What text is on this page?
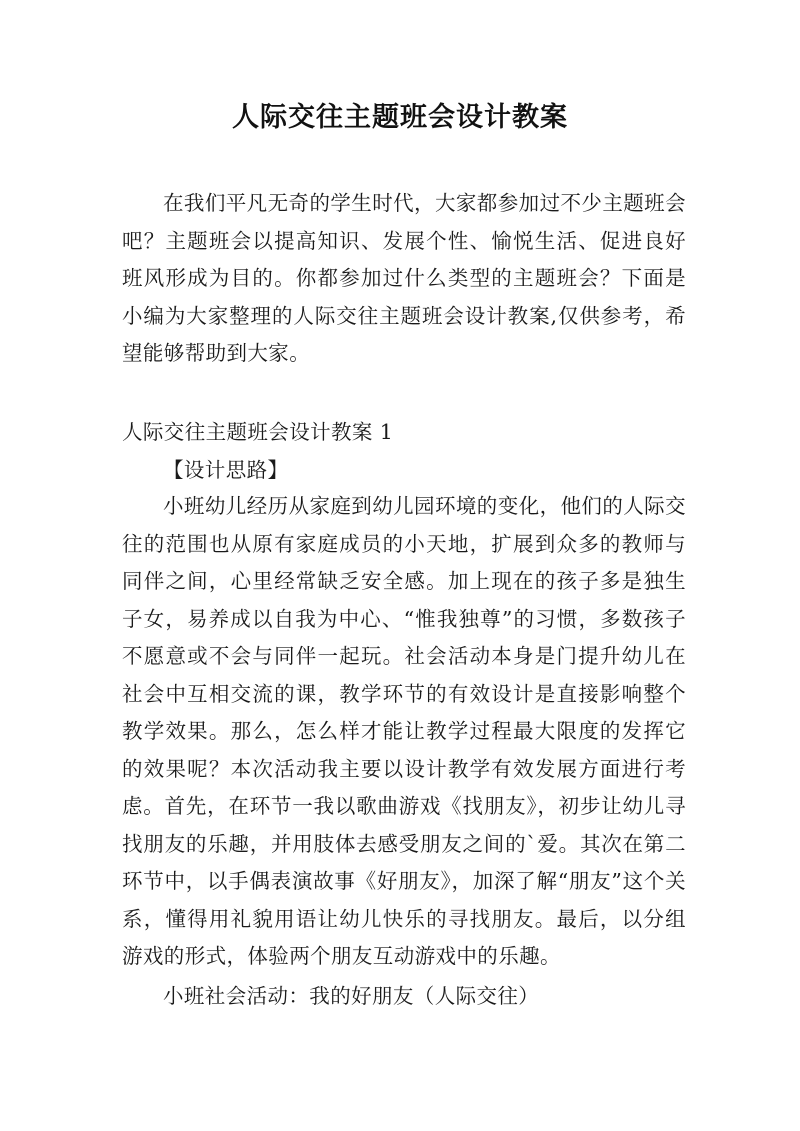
人际交往主题班会设计教案

在我们平凡无奇的学生时代，大家都参加过不少主题班会吧？主题班会以提高知识、发展个性、愉悦生活、促进良好班风形成为目的。你都参加过什么类型的主题班会？下面是小编为大家整理的人际交往主题班会设计教案,仅供参考，希望能够帮助到大家。

人际交往主题班会设计教案 1

【设计思路】

小班幼儿经历从家庭到幼儿园环境的变化，他们的人际交往的范围也从原有家庭成员的小天地，扩展到众多的教师与同伴之间，心里经常缺乏安全感。加上现在的孩子多是独生子女，易养成以自我为中心、“惟我独尊”的习惯，多数孩子不愿意或不会与同伴一起玩。社会活动本身是门提升幼儿在社会中互相交流的课，教学环节的有效设计是直接影响整个教学效果。那么，怎么样才能让教学过程最大限度的发挥它的效果呢？本次活动我主要以设计教学有效发展方面进行考虑。首先，在环节一我以歌曲游戏《找朋友》，初步让幼儿寻找朋友的乐趣，并用肢体去感受朋友之间的`爱。其次在第二环节中，以手偶表演故事《好朋友》，加深了解“朋友”这个关系，懂得用礼貌用语让幼儿快乐的寻找朋友。最后，以分组游戏的形式，体验两个朋友互动游戏中的乐趣。

小班社会活动：我的好朋友（人际交往）
